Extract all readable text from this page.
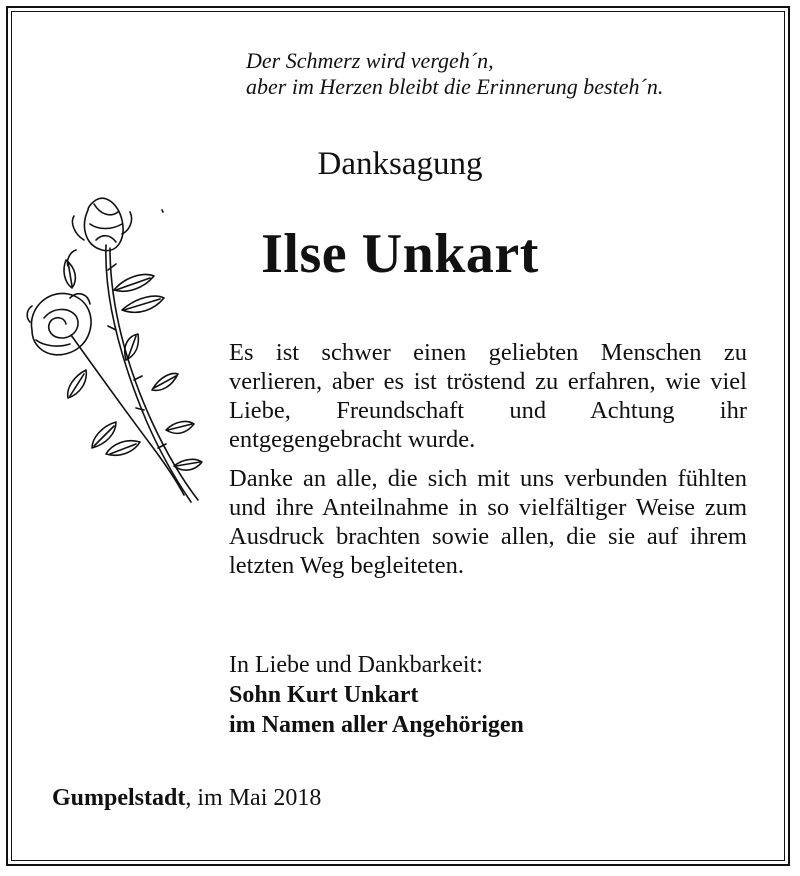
Der Schmerz wird vergeh´n,
aber im Herzen bleibt die Erinnerung besteh´n.
Danksagung
Ilse Unkart
Es ist schwer einen geliebten Menschen zu verlieren, aber es ist tröstend zu erfahren, wie viel Liebe, Freundschaft und Achtung ihr entgegengebracht wurde.
Danke an alle, die sich mit uns verbunden fühlten und ihre Anteilnahme in so vielfältiger Weise zum Ausdruck brachten sowie allen, die sie auf ihrem letzten Weg begleiteten.
In Liebe und Dankbarkeit:
Sohn Kurt Unkart
im Namen aller Angehörigen
Gumpelstadt, im Mai 2018
